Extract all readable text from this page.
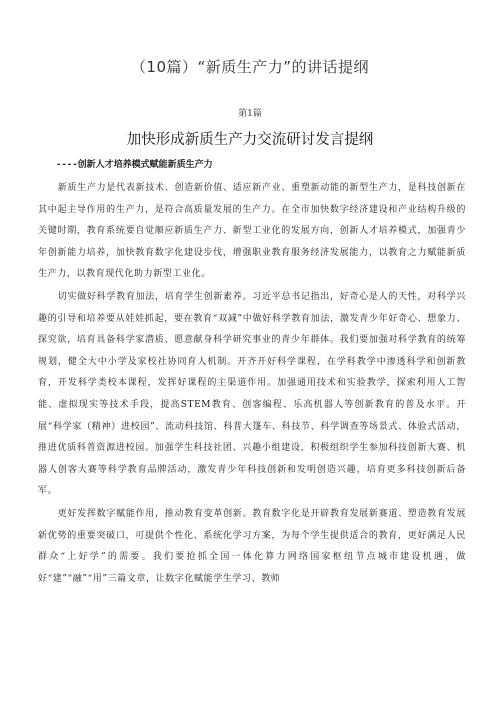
（10篇）“新质生产力”的讲话提纲
第1篇
加快形成新质生产力交流研讨发言提纲
----创新人才培养模式赋能新质生产力

新质生产力是代表新技术、创造新价值、适应新产业、重塑新动能的新型生产力，是科技创新在其中起主导作用的生产力，是符合高质量发展的生产力。在全市加快数字经济建设和产业结构升级的关键时期，教育系统要自觉顺应新质生产力、新型工业化的发展方向，创新人才培养模式，加强青少年创新能力培养，加快教育数字化建设步伐，增强职业教育服务经济发展能力，以教育之力赋能新质生产力，以教育现代化助力新型工业化。

切实做好科学教育加法，培育学生创新素养。习近平总书记指出，好奇心是人的天性，对科学兴趣的引导和培养要从娃娃抓起，要在教育“双减”中做好科学教育加法，激发青少年好奇心、想象力、探究欲，培育具备科学家潜质、愿意献身科学研究事业的青少年群体。我们要加强对科学教育的统筹规划，健全大中小学及家校社协同育人机制。开齐开好科学课程，在学科教学中渗透科学和创新教育，开发科学类校本课程，发挥好课程的主渠道作用。加强通用技术和实验教学，探索利用人工智能、虚拟现实等技术手段，提高STEM教育、创客编程、乐高机器人等创新教育的普及水平。开展“科学家（精神）进校园”、流动科技馆、科普大篷车、科技节、科学调查等场景式、体验式活动，推进优质科普资源进校园。加强学生科技社团、兴趣小组建设，积极组织学生参加科技创新大赛、机器人创客大赛等科学教育品牌活动，激发青少年科技创新和发明创造兴趣，培育更多科技创新后备军。

更好发挥数字赋能作用，推动教育变革创新。教育数字化是开辟教育发展新赛道、塑造教育发展新优势的重要突破口，可提供个性化、系统化学习方案，为每个学生提供适合的教育，更好满足人民群众“上好学”的需要。我们要抢抓全国一体化算力网络国家枢纽节点城市建设机遇，做好“建”“融”“用”三篇文章，让数字化赋能学生学习、教师
